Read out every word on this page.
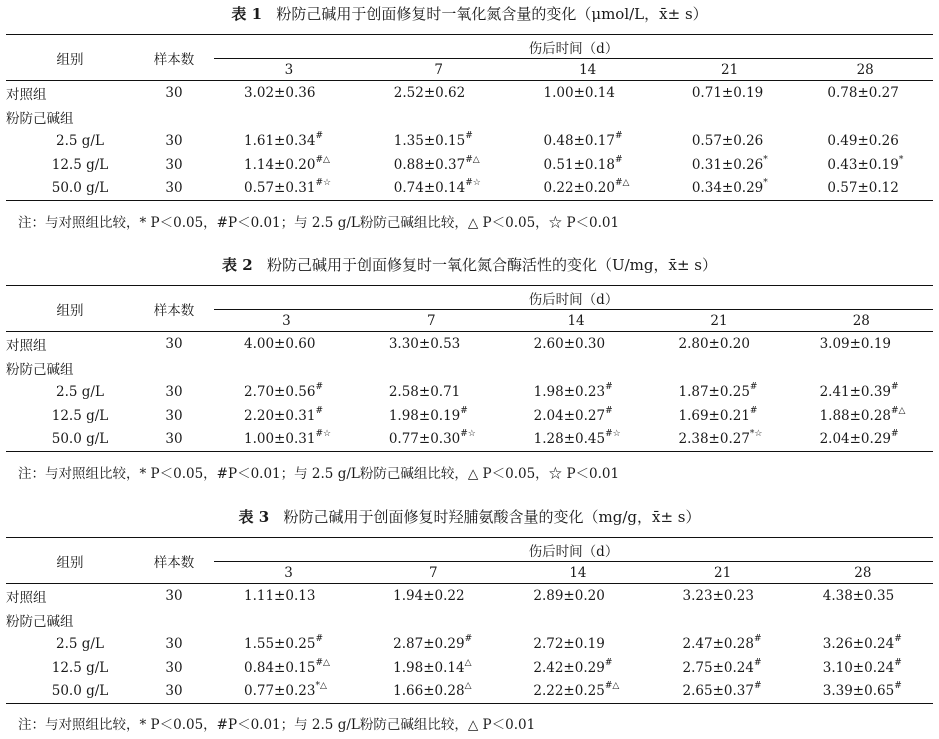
表 1 粉防己碱用于创面修复时一氧化氮含量的变化（μmol/L，x̄± s）
组别	样本数	伤后时间（d）				
		3	7	14	21	28
对照组	30	3.02±0.36	2.52±0.62	1.00±0.14	0.71±0.19	0.78±0.27
粉防己碱组						
2.5 g/L	30	1.61±0.34#	1.35±0.15#	0.48±0.17#	0.57±0.26	0.49±0.26
12.5 g/L	30	1.14±0.20#△	0.88±0.37#△	0.51±0.18#	0.31±0.26*	0.43±0.19*
50.0 g/L	30	0.57±0.31#☆	0.74±0.14#☆	0.22±0.20#△	0.34±0.29*	0.57±0.12
注：与对照组比较，* P＜0.05，#P＜0.01；与 2.5 g/L粉防己碱组比较，△ P＜0.05，☆ P＜0.01
表 2 粉防己碱用于创面修复时一氧化氮合酶活性的变化（U/mg，x̄± s）
组别	样本数	伤后时间（d）				
		3	7	14	21	28
对照组	30	4.00±0.60	3.30±0.53	2.60±0.30	2.80±0.20	3.09±0.19
粉防己碱组						
2.5 g/L	30	2.70±0.56#	2.58±0.71	1.98±0.23#	1.87±0.25#	2.41±0.39#
12.5 g/L	30	2.20±0.31#	1.98±0.19#	2.04±0.27#	1.69±0.21#	1.88±0.28#△
50.0 g/L	30	1.00±0.31#☆	0.77±0.30#☆	1.28±0.45#☆	2.38±0.27*☆	2.04±0.29#
注：与对照组比较，* P＜0.05，#P＜0.01；与 2.5 g/L粉防己碱组比较，△ P＜0.05，☆ P＜0.01
表 3 粉防己碱用于创面修复时羟脯氨酸含量的变化（mg/g，x̄± s）
组别	样本数	伤后时间（d）				
		3	7	14	21	28
对照组	30	1.11±0.13	1.94±0.22	2.89±0.20	3.23±0.23	4.38±0.35
粉防己碱组						
2.5 g/L	30	1.55±0.25#	2.87±0.29#	2.72±0.19	2.47±0.28#	3.26±0.24#
12.5 g/L	30	0.84±0.15#△	1.98±0.14△	2.42±0.29#	2.75±0.24#	3.10±0.24#
50.0 g/L	30	0.77±0.23*△	1.66±0.28△	2.22±0.25#△	2.65±0.37#	3.39±0.65#
注：与对照组比较，* P＜0.05，#P＜0.01；与 2.5 g/L粉防己碱组比较，△ P＜0.01
